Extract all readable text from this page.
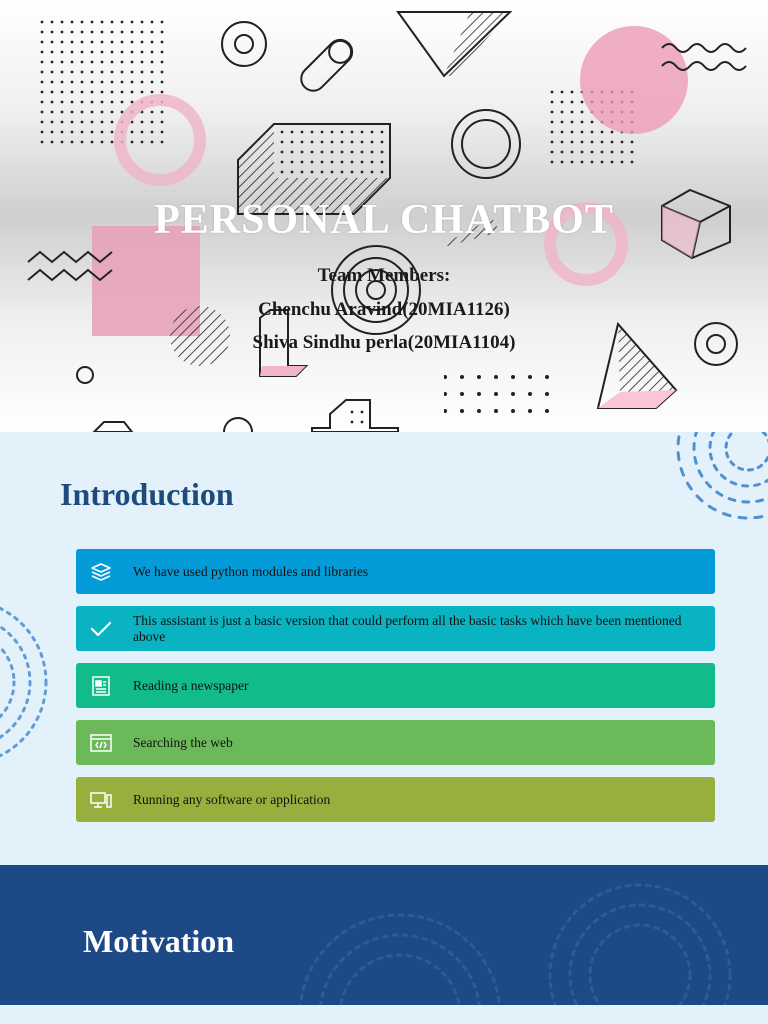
PERSONAL CHATBOT
Team Members:
Chenchu Aravind(20MIA1126)
Shiva Sindhu perla(20MIA1104)
Introduction
We have used python modules and libraries
This assistant is just a basic version that could perform all the basic tasks which have been mentioned above
Reading a newspaper
Searching the web
Running any software or application
Motivation
